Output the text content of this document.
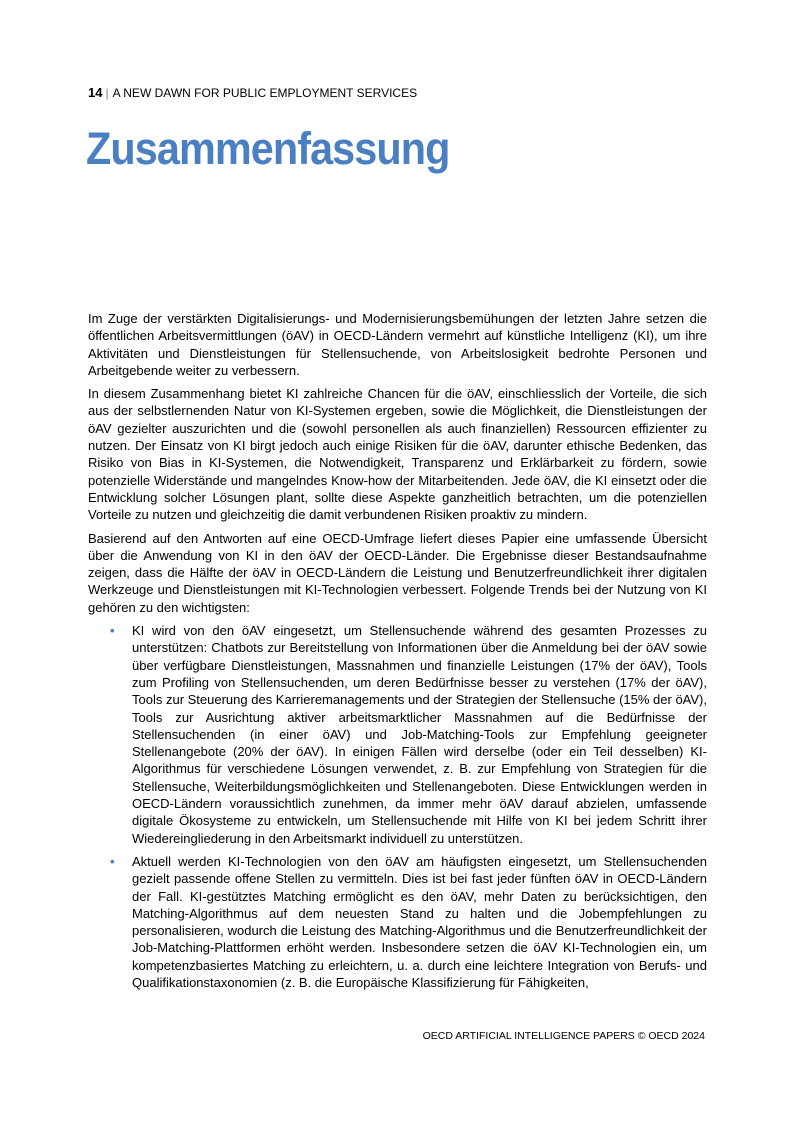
14 | A NEW DAWN FOR PUBLIC EMPLOYMENT SERVICES
Zusammenfassung

Im Zuge der verstärkten Digitalisierungs- und Modernisierungsbemühungen der letzten Jahre setzen die öffentlichen Arbeitsvermittlungen (öAV) in OECD-Ländern vermehrt auf künstliche Intelligenz (KI), um ihre Aktivitäten und Dienstleistungen für Stellensuchende, von Arbeitslosigkeit bedrohte Personen und Arbeitgebende weiter zu verbessern.

In diesem Zusammenhang bietet KI zahlreiche Chancen für die öAV, einschliesslich der Vorteile, die sich aus der selbstlernenden Natur von KI-Systemen ergeben, sowie die Möglichkeit, die Dienstleistungen der öAV gezielter auszurichten und die (sowohl personellen als auch finanziellen) Ressourcen effizienter zu nutzen. Der Einsatz von KI birgt jedoch auch einige Risiken für die öAV, darunter ethische Bedenken, das Risiko von Bias in KI-Systemen, die Notwendigkeit, Transparenz und Erklärbarkeit zu fördern, sowie potenzielle Widerstände und mangelndes Know-how der Mitarbeitenden. Jede öAV, die KI einsetzt oder die Entwicklung solcher Lösungen plant, sollte diese Aspekte ganzheitlich betrachten, um die potenziellen Vorteile zu nutzen und gleichzeitig die damit verbundenen Risiken proaktiv zu mindern.

Basierend auf den Antworten auf eine OECD-Umfrage liefert dieses Papier eine umfassende Übersicht über die Anwendung von KI in den öAV der OECD-Länder. Die Ergebnisse dieser Bestandsaufnahme zeigen, dass die Hälfte der öAV in OECD-Ländern die Leistung und Benutzerfreundlichkeit ihrer digitalen Werkzeuge und Dienstleistungen mit KI-Technologien verbessert. Folgende Trends bei der Nutzung von KI gehören zu den wichtigsten:

• KI wird von den öAV eingesetzt, um Stellensuchende während des gesamten Prozesses zu unterstützen: Chatbots zur Bereitstellung von Informationen über die Anmeldung bei der öAV sowie über verfügbare Dienstleistungen, Massnahmen und finanzielle Leistungen (17% der öAV), Tools zum Profiling von Stellensuchenden, um deren Bedürfnisse besser zu verstehen (17% der öAV), Tools zur Steuerung des Karrieremanagements und der Strategien der Stellensuche (15% der öAV), Tools zur Ausrichtung aktiver arbeitsmarktlicher Massnahmen auf die Bedürfnisse der Stellensuchenden (in einer öAV) und Job-Matching-Tools zur Empfehlung geeigneter Stellenangebote (20% der öAV). In einigen Fällen wird derselbe (oder ein Teil desselben) KI-Algorithmus für verschiedene Lösungen verwendet, z. B. zur Empfehlung von Strategien für die Stellensuche, Weiterbildungsmöglichkeiten und Stellenangeboten. Diese Entwicklungen werden in OECD-Ländern voraussichtlich zunehmen, da immer mehr öAV darauf abzielen, umfassende digitale Ökosysteme zu entwickeln, um Stellensuchende mit Hilfe von KI bei jedem Schritt ihrer Wiedereingliederung in den Arbeitsmarkt individuell zu unterstützen.
• Aktuell werden KI-Technologien von den öAV am häufigsten eingesetzt, um Stellensuchenden gezielt passende offene Stellen zu vermitteln. Dies ist bei fast jeder fünften öAV in OECD-Ländern der Fall. KI-gestütztes Matching ermöglicht es den öAV, mehr Daten zu berücksichtigen, den Matching-Algorithmus auf dem neuesten Stand zu halten und die Jobempfehlungen zu personalisieren, wodurch die Leistung des Matching-Algorithmus und die Benutzerfreundlichkeit der Job-Matching-Plattformen erhöht werden. Insbesondere setzen die öAV KI-Technologien ein, um kompetenzbasiertes Matching zu erleichtern, u. a. durch eine leichtere Integration von Berufs- und Qualifikationstaxonomien (z. B. die Europäische Klassifizierung für Fähigkeiten,
OECD ARTIFICIAL INTELLIGENCE PAPERS © OECD 2024
